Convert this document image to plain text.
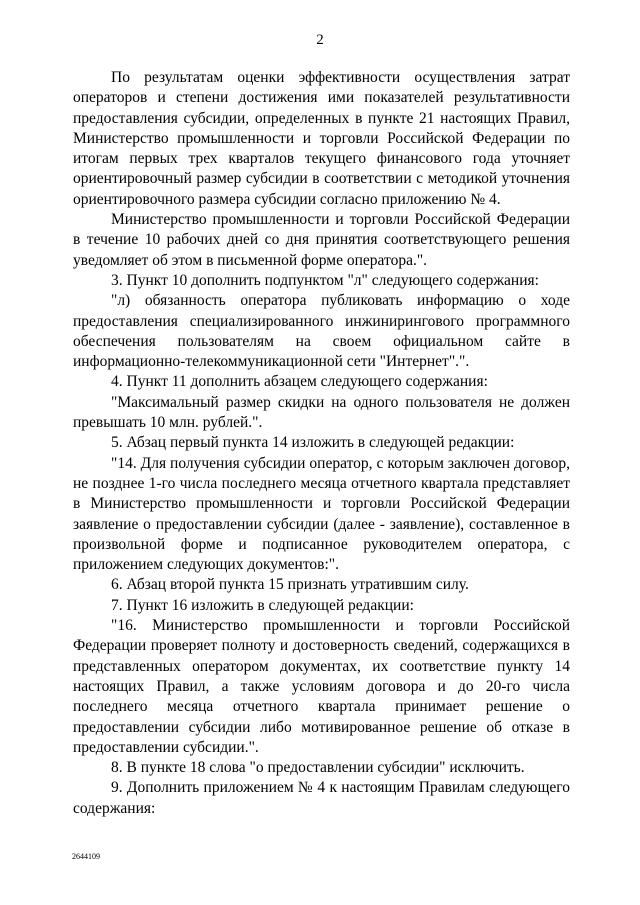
2

По результатам оценки эффективности осуществления затрат операторов и степени достижения ими показателей результативности предоставления субсидии, определенных в пункте 21 настоящих Правил, Министерство промышленности и торговли Российской Федерации по итогам первых трех кварталов текущего финансового года уточняет ориентировочный размер субсидии в соответствии с методикой уточнения ориентировочного размера субсидии согласно приложению № 4.

Министерство промышленности и торговли Российской Федерации в течение 10 рабочих дней со дня принятия соответствующего решения уведомляет об этом в письменной форме оператора.".

3. Пункт 10 дополнить подпунктом "л" следующего содержания:

"л) обязанность оператора публиковать информацию о ходе предоставления специализированного инжинирингового программного обеспечения пользователям на своем официальном сайте в информационно-телекоммуникационной сети "Интернет".".

4. Пункт 11 дополнить абзацем следующего содержания:

"Максимальный размер скидки на одного пользователя не должен превышать 10 млн. рублей.".

5. Абзац первый пункта 14 изложить в следующей редакции:

"14. Для получения субсидии оператор, с которым заключен договор, не позднее 1-го числа последнего месяца отчетного квартала представляет в Министерство промышленности и торговли Российской Федерации заявление о предоставлении субсидии (далее - заявление), составленное в произвольной форме и подписанное руководителем оператора, с приложением следующих документов:".

6. Абзац второй пункта 15 признать утратившим силу.

7. Пункт 16 изложить в следующей редакции:

"16. Министерство промышленности и торговли Российской Федерации проверяет полноту и достоверность сведений, содержащихся в представленных оператором документах, их соответствие пункту 14 настоящих Правил, а также условиям договора и до 20-го числа последнего месяца отчетного квартала принимает решение о предоставлении субсидии либо мотивированное решение об отказе в предоставлении субсидии.".

8. В пункте 18 слова "о предоставлении субсидии" исключить.

9. Дополнить приложением № 4 к настоящим Правилам следующего содержания:

2644109
